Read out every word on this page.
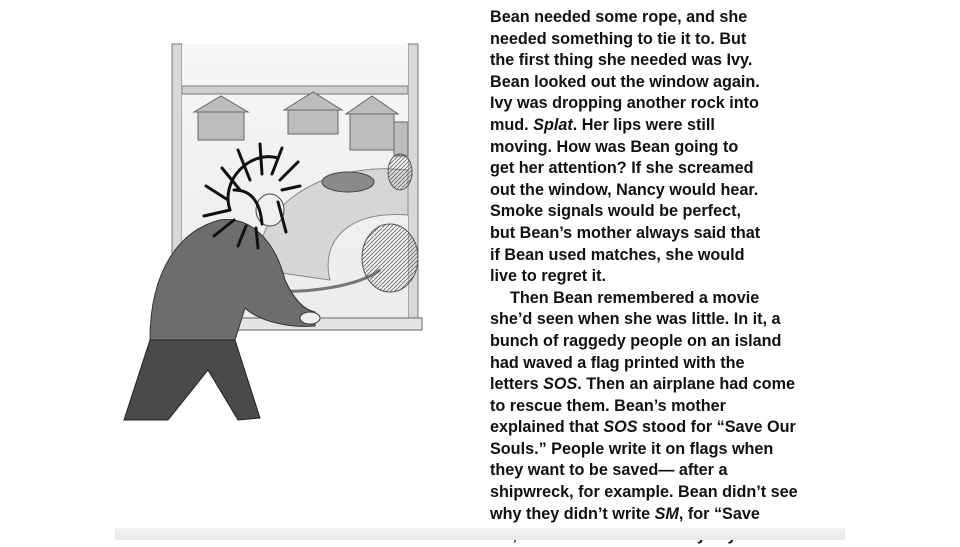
Bean needed some rope, and she
needed something to tie it to. But
the first thing she needed was Ivy.
Bean looked out the window again.
Ivy was dropping another rock into
mud. Splat. Her lips were still
moving. How was Bean going to
get her attention? If she screamed
out the window, Nancy would hear.
Smoke signals would be perfect,
but Bean’s mother always said that
if Bean used matches, she would
live to regret it.
Then Bean remembered a movie
she’d seen when she was little. In it, a
bunch of raggedy people on an island
had waved a flag printed with the
letters SOS. Then an airplane had come
to rescue them. Bean’s mother
explained that SOS stood for “Save Our
Souls.” People write it on flags when
they want to be saved— after a
shipwreck, for example. Bean didn’t see
why they didn’t write SM, for “Save
